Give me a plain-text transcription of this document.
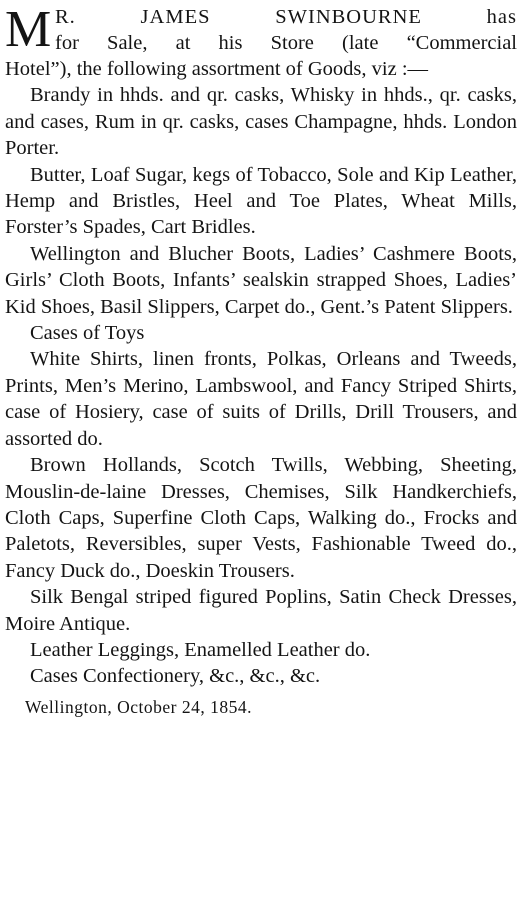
M R. JAMES SWINBOURNE has
for Sale, at his Store (late “Commercial

Hotel”), the following assortment of Goods, viz :—

Brandy in hhds. and qr. casks, Whisky in hhds., qr. casks, and cases, Rum in qr. casks, cases Champagne, hhds. London Porter.

Butter, Loaf Sugar, kegs of Tobacco, Sole and Kip Leather, Hemp and Bristles, Heel and Toe Plates, Wheat Mills, Forster’s Spades, Cart Bridles.

Wellington and Blucher Boots, Ladies’ Cashmere Boots, Girls’ Cloth Boots, Infants’ sealskin strapped Shoes, Ladies’ Kid Shoes, Basil Slippers, Carpet do., Gent.’s Patent Slippers.

Cases of Toys

White Shirts, linen fronts, Polkas, Orleans and Tweeds, Prints, Men’s Merino, Lambswool, and Fancy Striped Shirts, case of Hosiery, case of suits of Drills, Drill Trousers, and assorted do.

Brown Hollands, Scotch Twills, Webbing, Sheeting, Mouslin-de-laine Dresses, Chemises, Silk Handkerchiefs, Cloth Caps, Superfine Cloth Caps, Walking do., Frocks and Paletots, Reversibles, super Vests, Fashionable Tweed do., Fancy Duck do., Doeskin Trousers.

Silk Bengal striped figured Poplins, Satin Check Dresses, Moire Antique.

Leather Leggings, Enamelled Leather do.

Cases Confectionery, &c., &c., &c.

Wellington, October 24, 1854.
